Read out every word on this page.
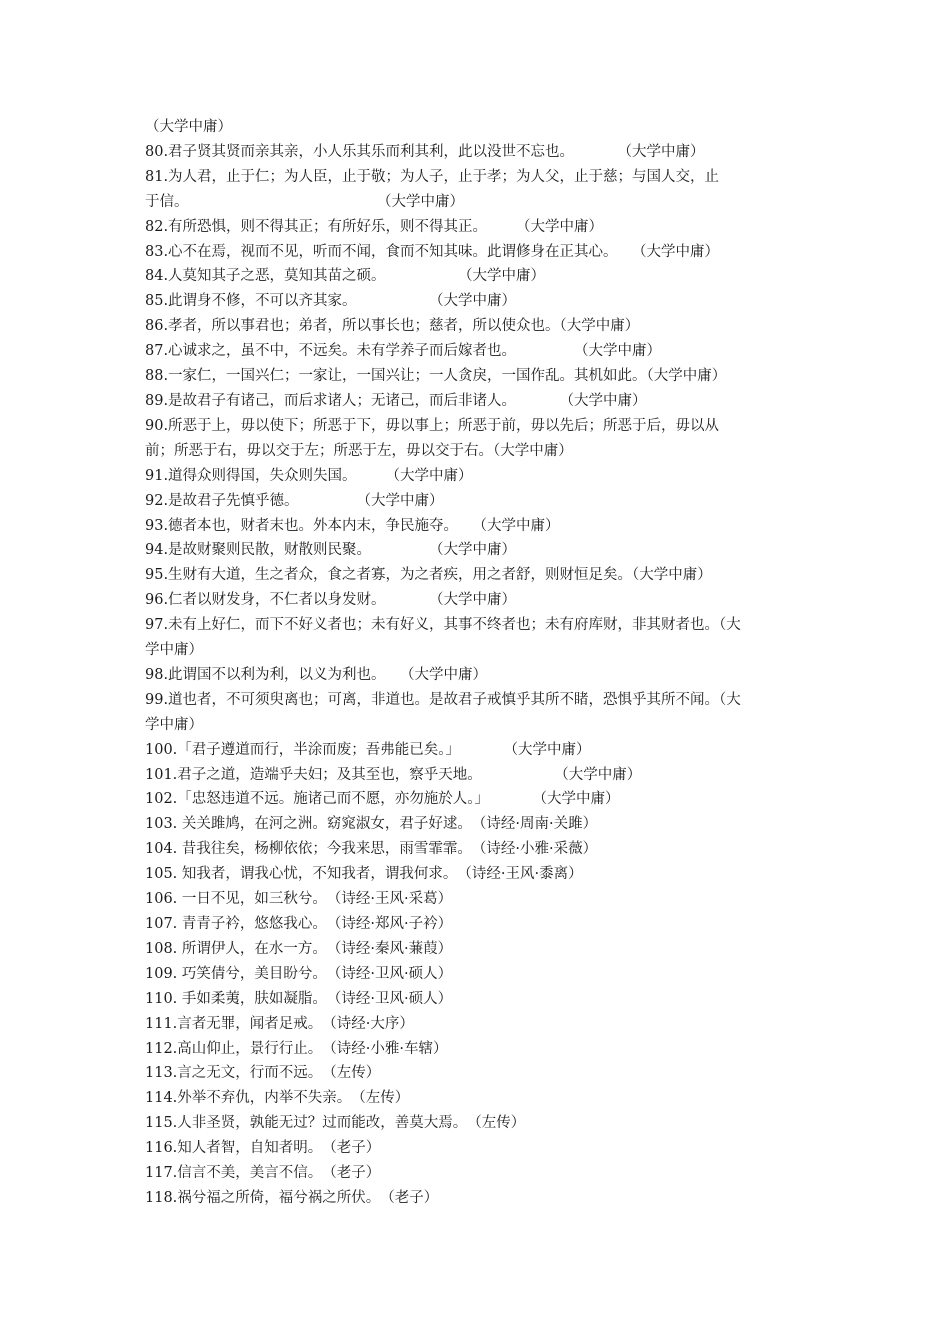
（大学中庸）
80.君子贤其贤而亲其亲，小人乐其乐而利其利，此以没世不忘也。　　　　（大学中庸）
81.为人君，止于仁；为人臣，止于敬；为人子，止于孝；为人父，止于慈；与国人交，止
于信。　　　　　　　　　　　　　　（大学中庸）
82.有所恐惧，则不得其正；有所好乐，则不得其正。　　　（大学中庸）
83.心不在焉，视而不见，听而不闻，食而不知其味。此谓修身在正其心。　　（大学中庸）
84.人莫知其子之恶，莫知其苗之硕。　　　　　　（大学中庸）
85.此谓身不修，不可以齐其家。　　　　　　（大学中庸）
86.孝者，所以事君也；弟者，所以事长也；慈者，所以使众也。（大学中庸）
87.心诚求之，虽不中，不远矣。未有学养子而后嫁者也。　　　　　（大学中庸）
88.一家仁，一国兴仁；一家让，一国兴让；一人贪戾，一国作乱。其机如此。（大学中庸）
89.是故君子有诸己，而后求诸人；无诸己，而后非诸人。　　　　（大学中庸）
90.所恶于上，毋以使下；所恶于下，毋以事上；所恶于前，毋以先后；所恶于后，毋以从
前；所恶于右，毋以交于左；所恶于左，毋以交于右。（大学中庸）
91.道得众则得国，失众则失国。　　　（大学中庸）
92.是故君子先慎乎德。　　　　　（大学中庸）
93.德者本也，财者末也。外本内末，争民施夺。　　（大学中庸）
94.是故财聚则民散，财散则民聚。　　　　　（大学中庸）
95.生财有大道，生之者众，食之者寡，为之者疾，用之者舒，则财恒足矣。（大学中庸）
96.仁者以财发身，不仁者以身发财。　　　　（大学中庸）
97.未有上好仁，而下不好义者也；未有好义，其事不终者也；未有府库财，非其财者也。（大
学中庸）
98.此谓国不以利为利，以义为利也。　　（大学中庸）
99.道也者，不可须臾离也；可离，非道也。是故君子戒慎乎其所不睹，恐惧乎其所不闻。（大
学中庸）
100.「君子遵道而行，半涂而废；吾弗能已矣。」　　　　（大学中庸）
101.君子之道，造端乎夫妇；及其至也，察乎天地。　　　　　　（大学中庸）
102.「忠怒违道不远。施诸己而不愿，亦勿施於人。」　　　　（大学中庸）
103. 关关雎鸠，在河之洲。窈窕淑女，君子好逑。　（诗经·周南·关雎）
104. 昔我往矣，杨柳依依；今我来思，雨雪霏霏。　（诗经·小雅·采薇）
105. 知我者，谓我心忧，不知我者，谓我何求。　（诗经·王风·黍离）
106. 一日不见，如三秋兮。　（诗经·王风·采葛）
107. 青青子衿，悠悠我心。　（诗经·郑风·子衿）
108. 所谓伊人，在水一方。　（诗经·秦风·蒹葭）
109. 巧笑倩兮，美目盼兮。　（诗经·卫风·硕人）
110. 手如柔荑，肤如凝脂。　（诗经·卫风·硕人）
111.言者无罪，闻者足戒。　（诗经·大序）
112.高山仰止，景行行止。　（诗经·小雅·车辖）
113.言之无文，行而不远。　（左传）
114.外举不弃仇，内举不失亲。　（左传）
115.人非圣贤，孰能无过？过而能改，善莫大焉。　（左传）
116.知人者智，自知者明。　（老子）
117.信言不美，美言不信。　（老子）
118.祸兮福之所倚，福兮祸之所伏。　（老子）
